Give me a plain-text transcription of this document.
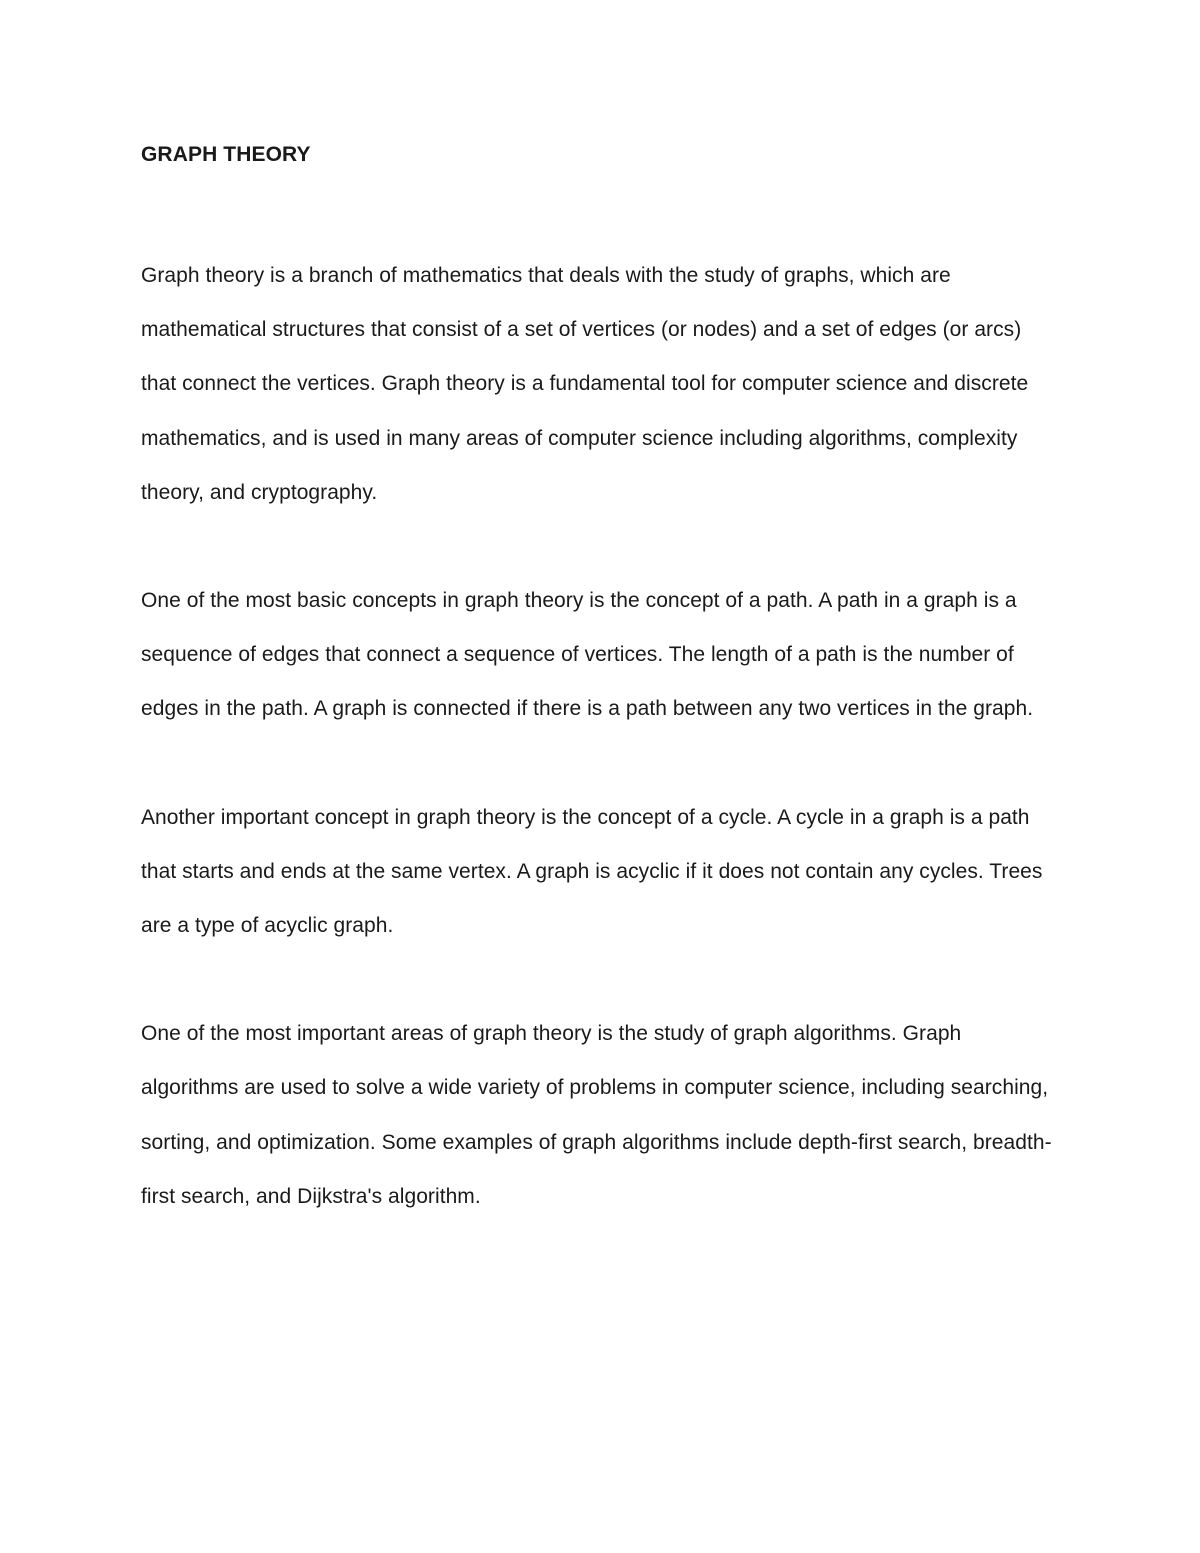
GRAPH THEORY

Graph theory is a branch of mathematics that deals with the study of graphs, which are mathematical structures that consist of a set of vertices (or nodes) and a set of edges (or arcs) that connect the vertices. Graph theory is a fundamental tool for computer science and discrete mathematics, and is used in many areas of computer science including algorithms, complexity theory, and cryptography.

One of the most basic concepts in graph theory is the concept of a path. A path in a graph is a sequence of edges that connect a sequence of vertices. The length of a path is the number of edges in the path. A graph is connected if there is a path between any two vertices in the graph.

Another important concept in graph theory is the concept of a cycle. A cycle in a graph is a path that starts and ends at the same vertex. A graph is acyclic if it does not contain any cycles. Trees are a type of acyclic graph.

One of the most important areas of graph theory is the study of graph algorithms. Graph algorithms are used to solve a wide variety of problems in computer science, including searching, sorting, and optimization. Some examples of graph algorithms include depth-first search, breadth-first search, and Dijkstra's algorithm.
